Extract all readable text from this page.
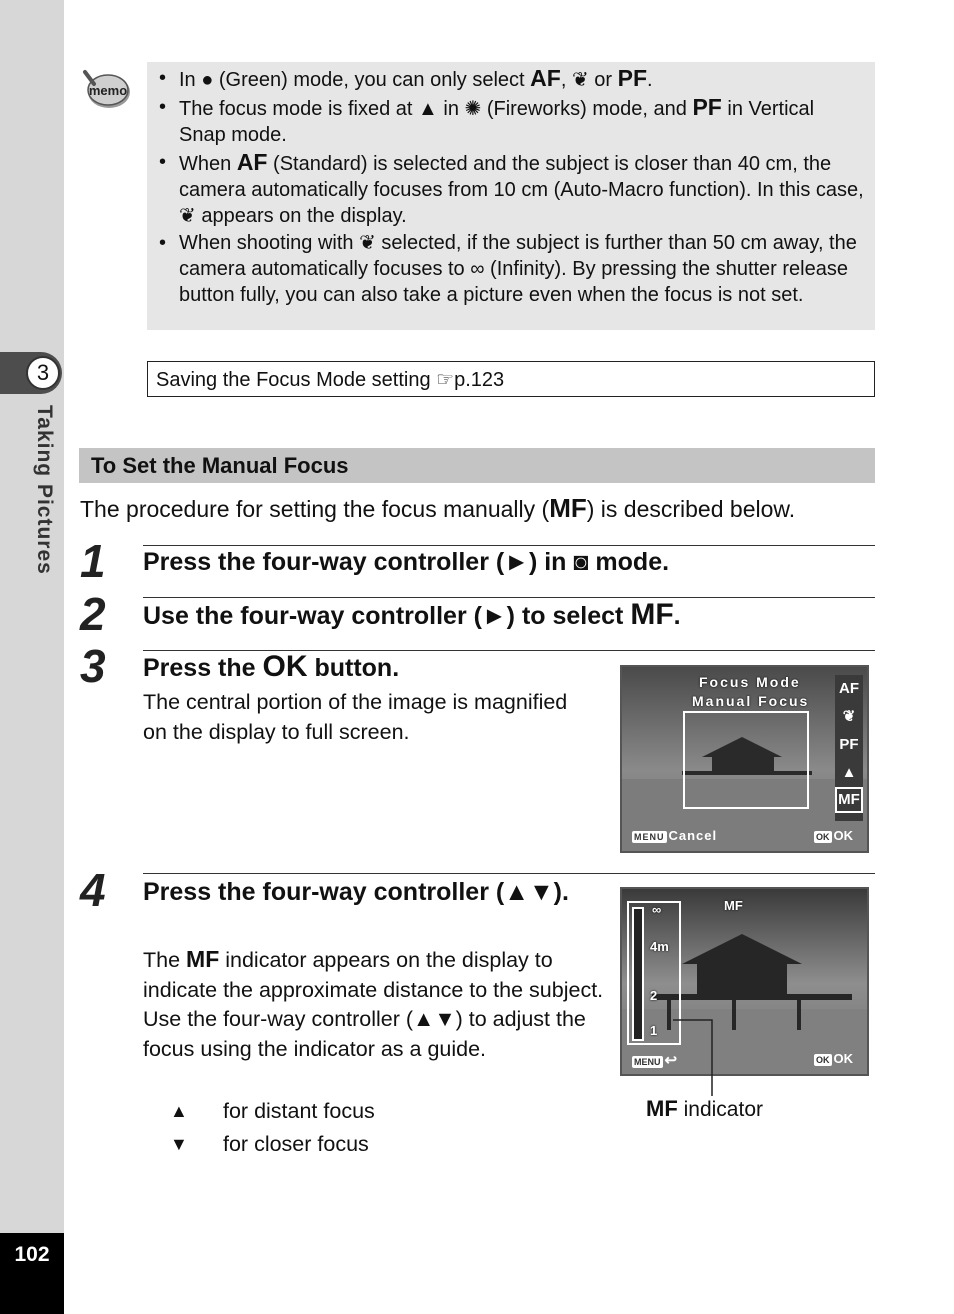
3
Taking Pictures
102
memo
•	In ● (Green) mode, you can only select AF, ❦ or PF.
• The focus mode is fixed at ▲ in ✺ (Fireworks) mode, and PF in Vertical Snap mode.
• When AF (Standard) is selected and the subject is closer than 40 cm, the camera automatically focuses from 10 cm (Auto-Macro function). In this case, ❦ appears on the display.
• When shooting with ❦ selected, if the subject is further than 50 cm away, the camera automatically focuses to ∞ (Infinity). By pressing the shutter release button fully, you can also take a picture even when the focus is not set.
Saving the Focus Mode setting ☞p.123
To Set the Manual Focus
The procedure for setting the focus manually (MF) is described below.
1 Press the four-way controller (►) in ◙ mode.
2 Use the four-way controller (►) to select MF.
3 Press the OK button.
The central portion of the image is magnified on the display to full screen.
Focus Mode
Manual Focus
AF
❦
PF
▲
MF
MENU Cancel	OK OK
4 Press the four-way controller (▲▼).
The MF indicator appears on the display to indicate the approximate distance to the subject. Use the four-way controller (▲▼) to adjust the focus using the indicator as a guide.
▲	for distant focus
▼	for closer focus
MF
∞
4m
2
1
MENU ↩	OK OK
MF indicator
